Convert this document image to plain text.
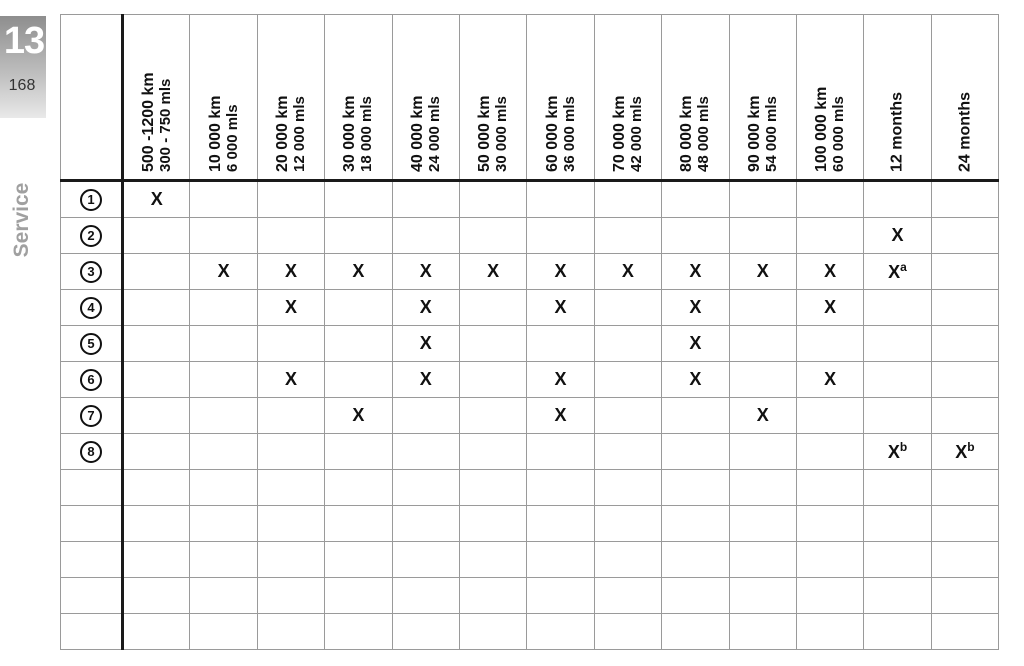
13
168
Service

	500 -1200 km 300 - 750 mls	10 000 km 6 000 mls	20 000 km 12 000 mls	30 000 km 18 000 mls	40 000 km 24 000 mls	50 000 km 30 000 mls	60 000 km 36 000 mls	70 000 km 42 000 mls	80 000 km 48 000 mls	90 000 km 54 000 mls	100 000 km 60 000 mls	12 months	24 months

1	X												
2												X	
3		X	X	X	X	X	X	X	X	X	X	$X^a$	
4			X		X		X		X		X		
5					X				X				
6			X		X		X		X		X		
7				X			X			X			
8												$X^b$	$X^b$
